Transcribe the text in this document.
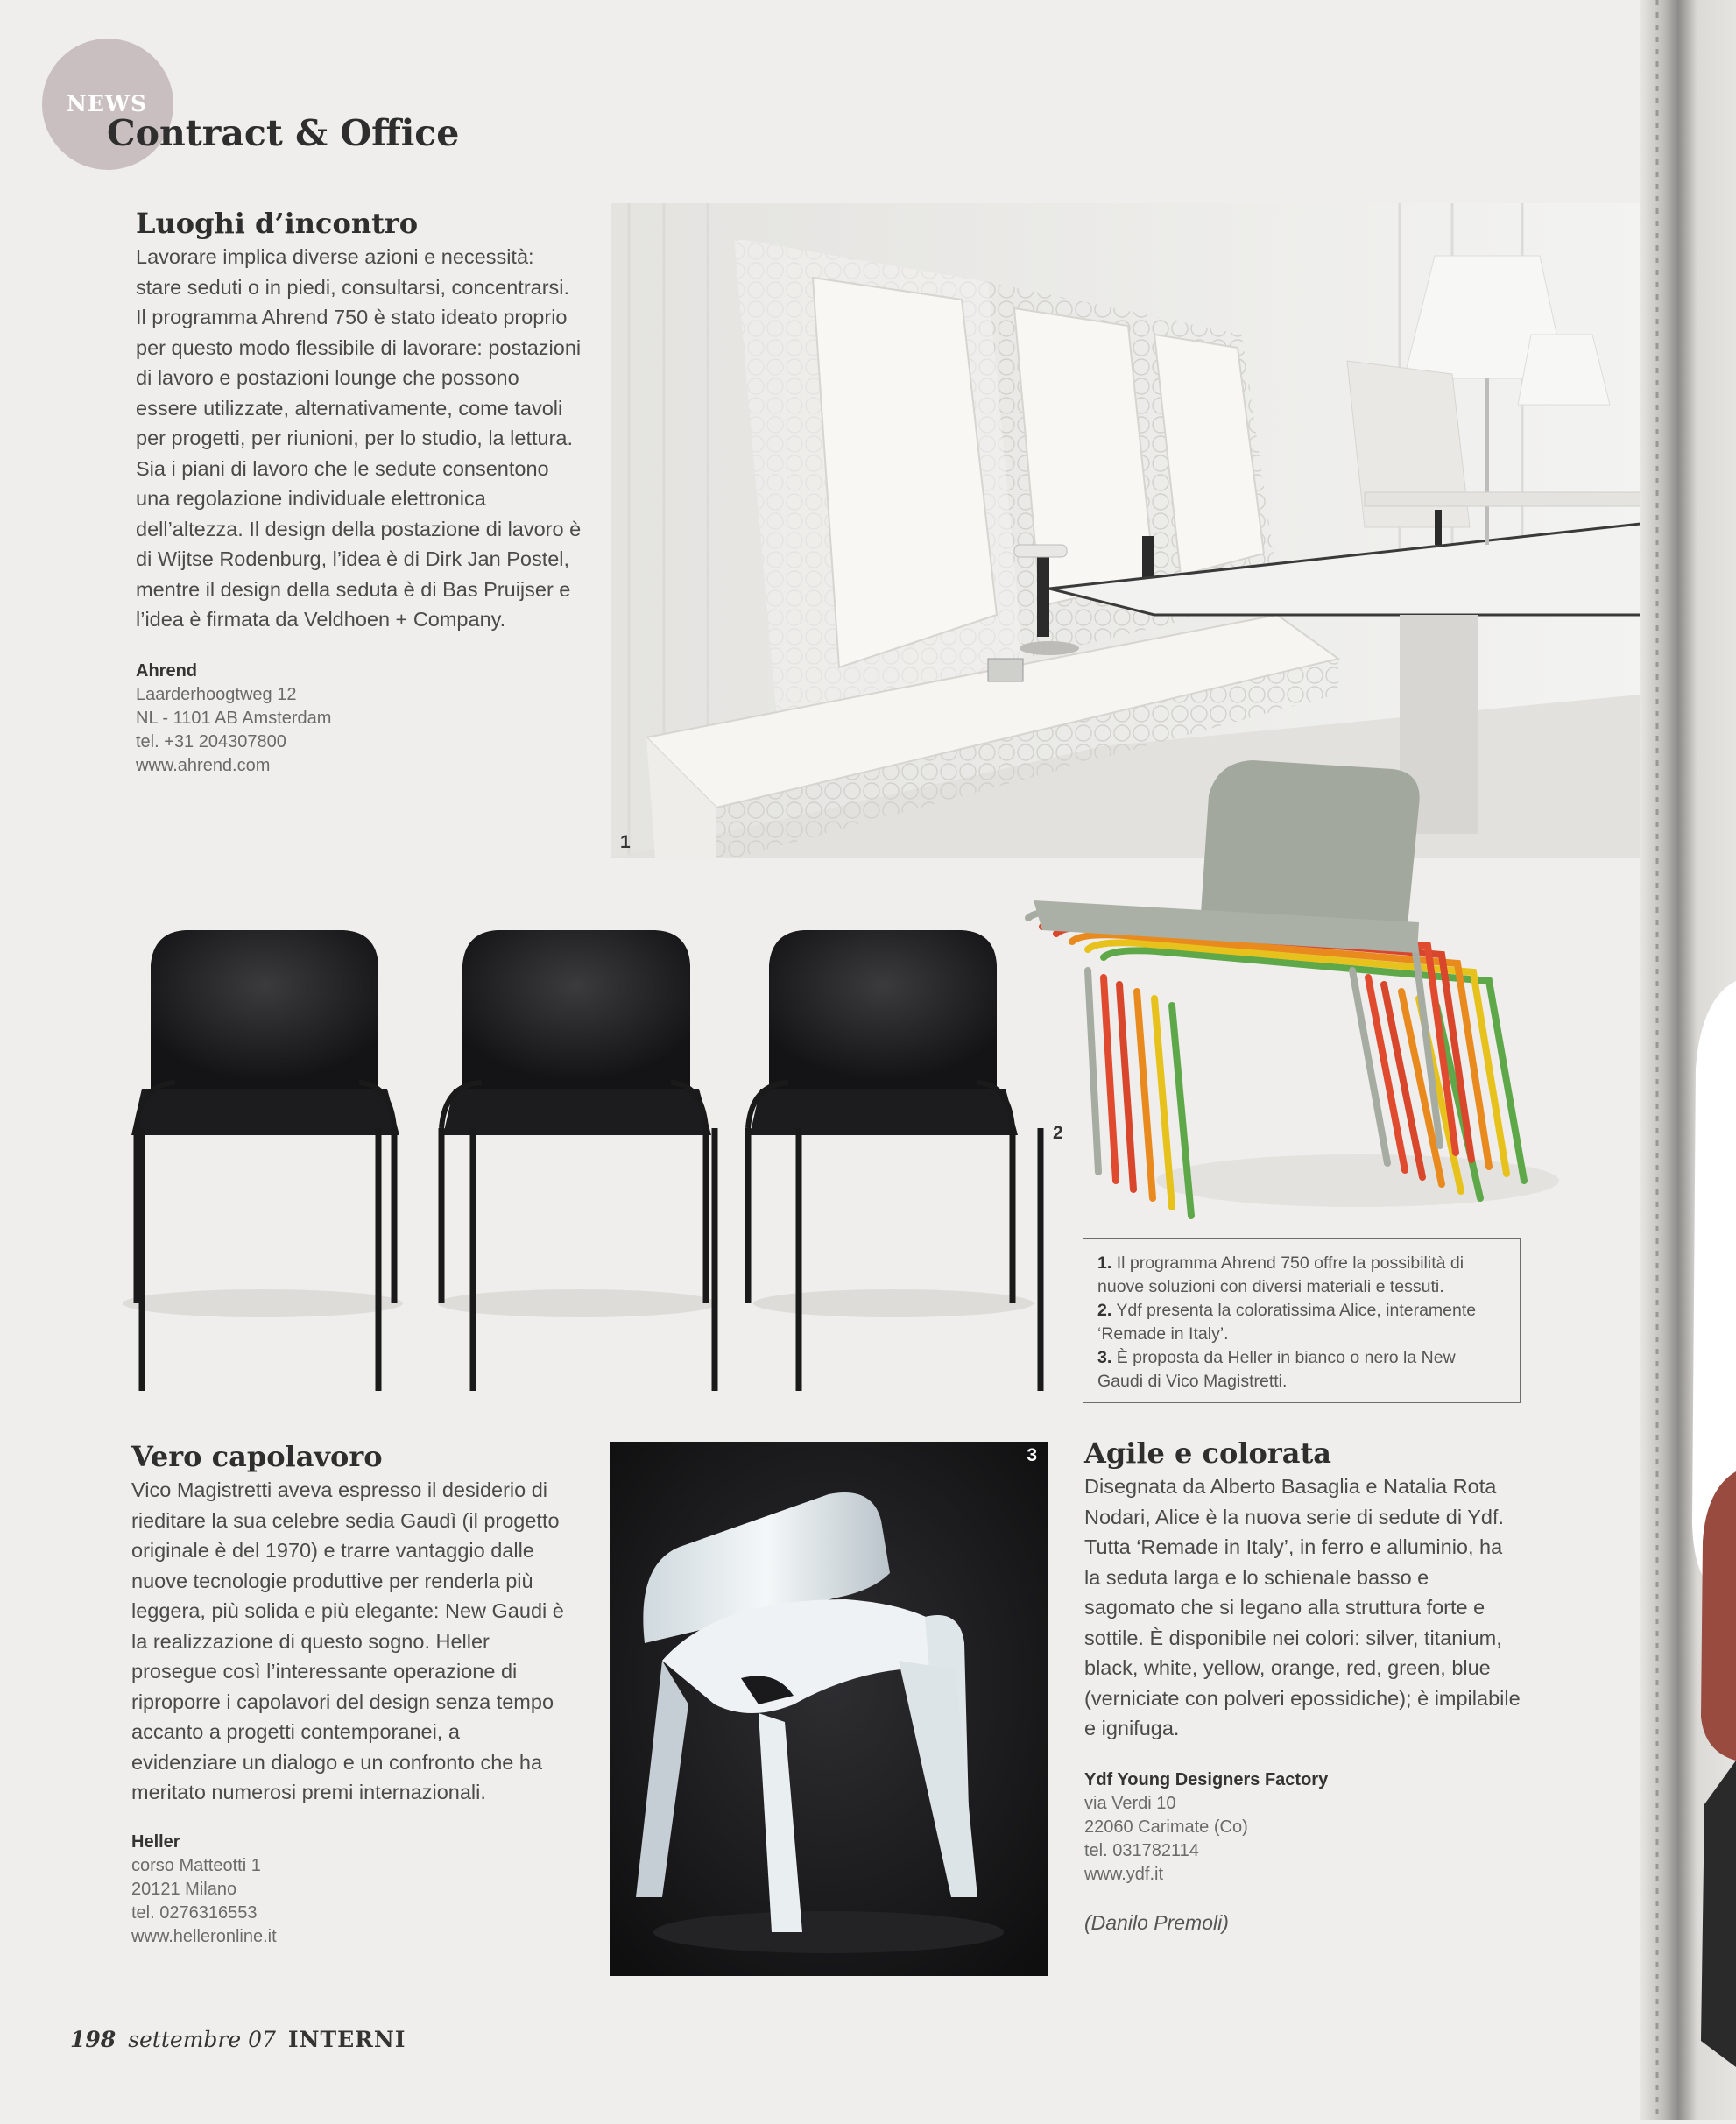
NEWS
Contract & Office
Luoghi d’incontro

Lavorare implica diverse azioni e necessità: stare seduti o in piedi, consultarsi, concentrarsi. Il programma Ahrend 750 è stato ideato proprio per questo modo flessibile di lavorare: postazioni di lavoro e postazioni lounge che possono essere utilizzate, alternativamente, come tavoli per progetti, per riunioni, per lo studio, la lettura. Sia i piani di lavoro che le sedute consentono una regolazione individuale elettronica dell’altezza. Il design della postazione di lavoro è di Wijtse Rodenburg, l’idea è di Dirk Jan Postel, mentre il design della seduta è di Bas Pruijser e l’idea è firmata da Veldhoen + Company.

Ahrend
Laarderhoogtweg 12
NL - 1101 AB Amsterdam
tel. +31 204307800
www.ahrend.com
1
2

1. Il programma Ahrend 750 offre la possibilità di nuove soluzioni con diversi materiali e tessuti.

2. Ydf presenta la coloratissima Alice, interamente ‘Remade in Italy’.

3. È proposta da Heller in bianco o nero la New Gaudi di Vico Magistretti.

Vero capolavoro

Vico Magistretti aveva espresso il desiderio di rieditare la sua celebre sedia Gaudì (il progetto originale è del 1970) e trarre vantaggio dalle nuove tecnologie produttive per renderla più leggera, più solida e più elegante: New Gaudi è la realizzazione di questo sogno. Heller prosegue così l’interessante operazione di riproporre i capolavori del design senza tempo accanto a progetti contemporanei, a evidenziare un dialogo e un confronto che ha meritato numerosi premi internazionali.

Heller
corso Matteotti 1
20121 Milano
tel. 0276316553
www.helleronline.it
3 Agile e colorata

Disegnata da Alberto Basaglia e Natalia Rota Nodari, Alice è la nuova serie di sedute di Ydf. Tutta ‘Remade in Italy’, in ferro e alluminio, ha la seduta larga e lo schienale basso e sagomato che si legano alla struttura forte e sottile. È disponibile nei colori: silver, titanium, black, white, yellow, orange, red, green, blue (verniciate con polveri epossidiche); è impilabile e ignifuga.

Ydf Young Designers Factory
via Verdi 10
22060 Carimate (Co)
tel. 031782114
www.ydf.it
(Danilo Premoli)
198 settembre 07 INTERNI
